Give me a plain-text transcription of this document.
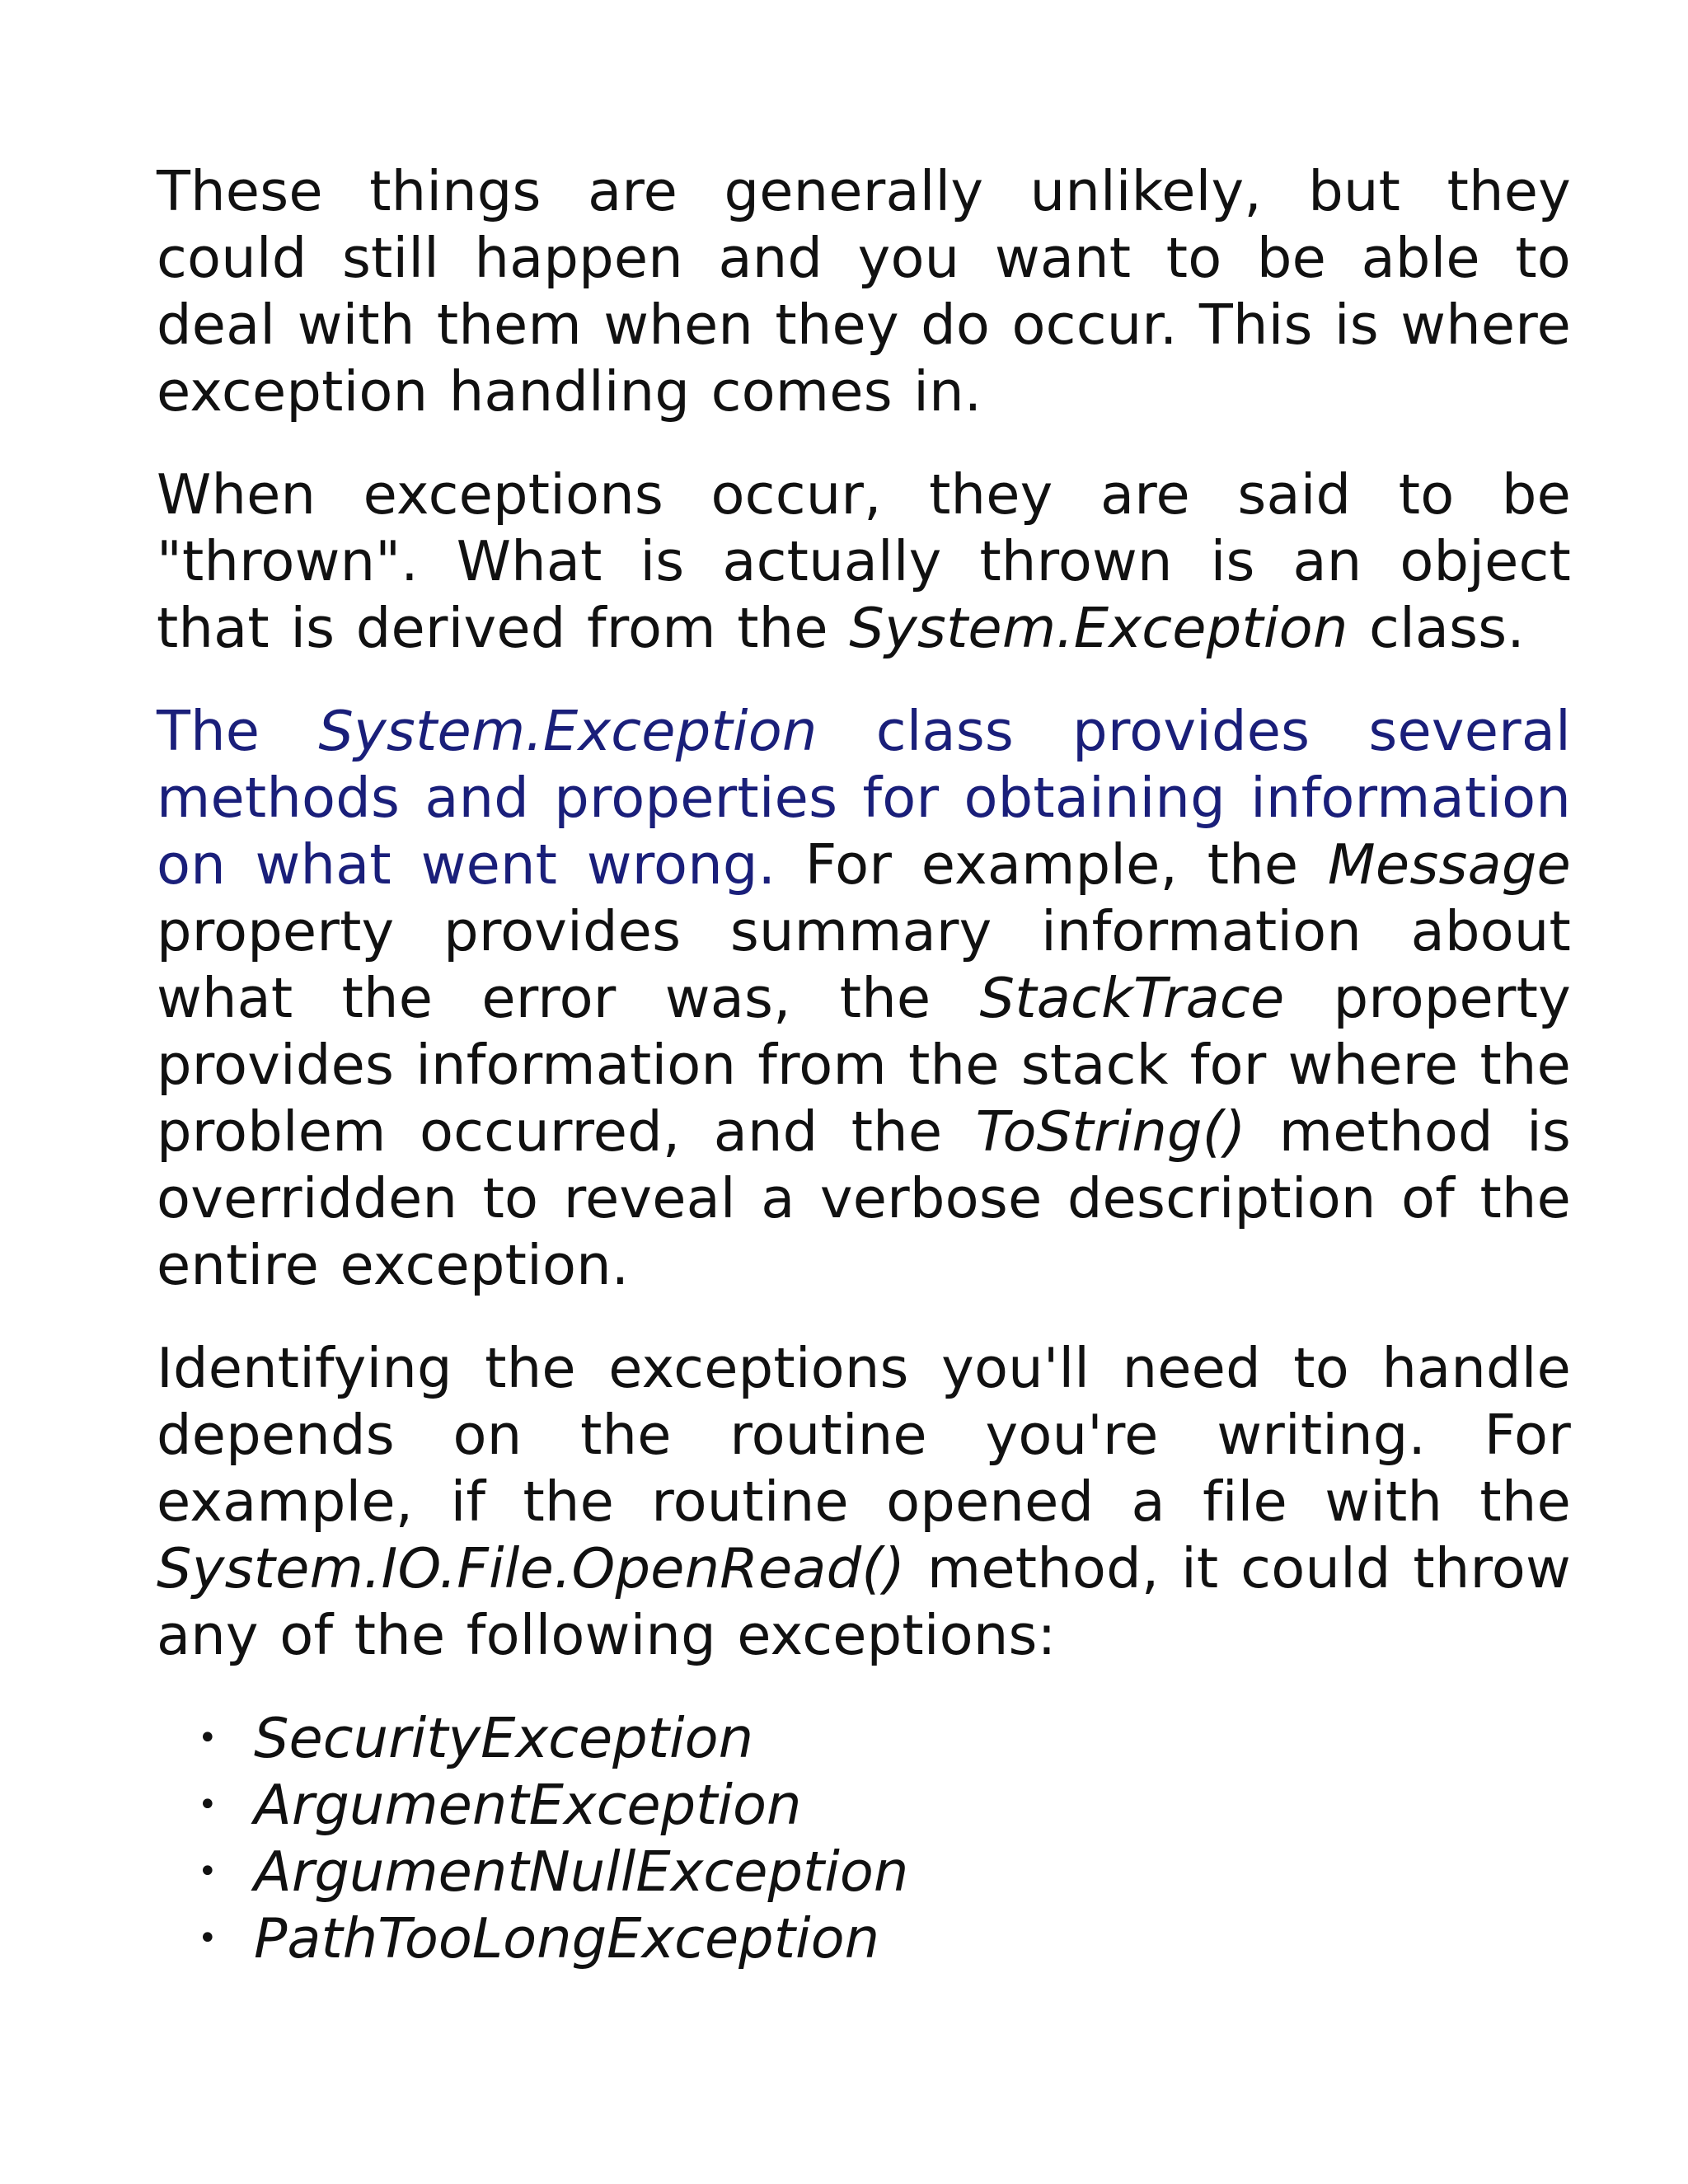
These things are generally unlikely, but they could still happen and you want to be able to deal with them when they do occur. This is where exception handling comes in.

When exceptions occur, they are said to be "thrown". What is actually thrown is an object that is derived from the System.Exception class.

The System.Exception class provides several methods and properties for obtaining information on what went wrong. For example, the Message property provides summary information about what the error was, the StackTrace property provides information from the stack for where the problem occurred, and the ToString() method is overridden to reveal a verbose description of the entire exception.

Identifying the exceptions you'll need to handle depends on the routine you're writing. For example, if the routine opened a file with the System.IO.File.OpenRead() method, it could throw any of the following exceptions:

• SecurityException
• ArgumentException
• ArgumentNullException
• PathTooLongException
